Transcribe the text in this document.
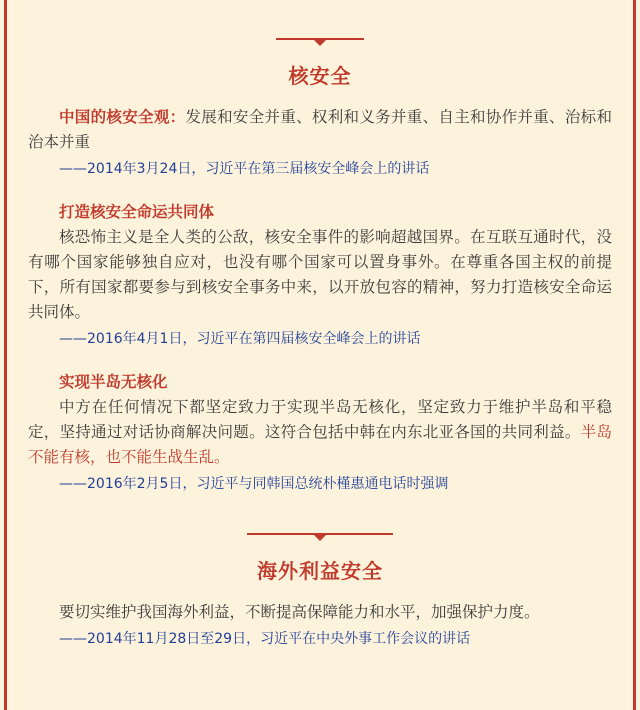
核安全

中国的核安全观：发展和安全并重、权利和义务并重、自主和协作并重、治标和治本并重

——2014年3月24日，习近平在第三届核安全峰会上的讲话

打造核安全命运共同体

核恐怖主义是全人类的公敌，核安全事件的影响超越国界。在互联互通时代，没有哪个国家能够独自应对，也没有哪个国家可以置身事外。在尊重各国主权的前提下，所有国家都要参与到核安全事务中来，以开放包容的精神，努力打造核安全命运共同体。

——2016年4月1日，习近平在第四届核安全峰会上的讲话

实现半岛无核化

中方在任何情况下都坚定致力于实现半岛无核化，坚定致力于维护半岛和平稳定，坚持通过对话协商解决问题。这符合包括中韩在内东北亚各国的共同利益。半岛不能有核，也不能生战生乱。

——2016年2月5日，习近平与同韩国总统朴槿惠通电话时强调

海外利益安全

要切实维护我国海外利益，不断提高保障能力和水平，加强保护力度。

——2014年11月28日至29日，习近平在中央外事工作会议的讲话
